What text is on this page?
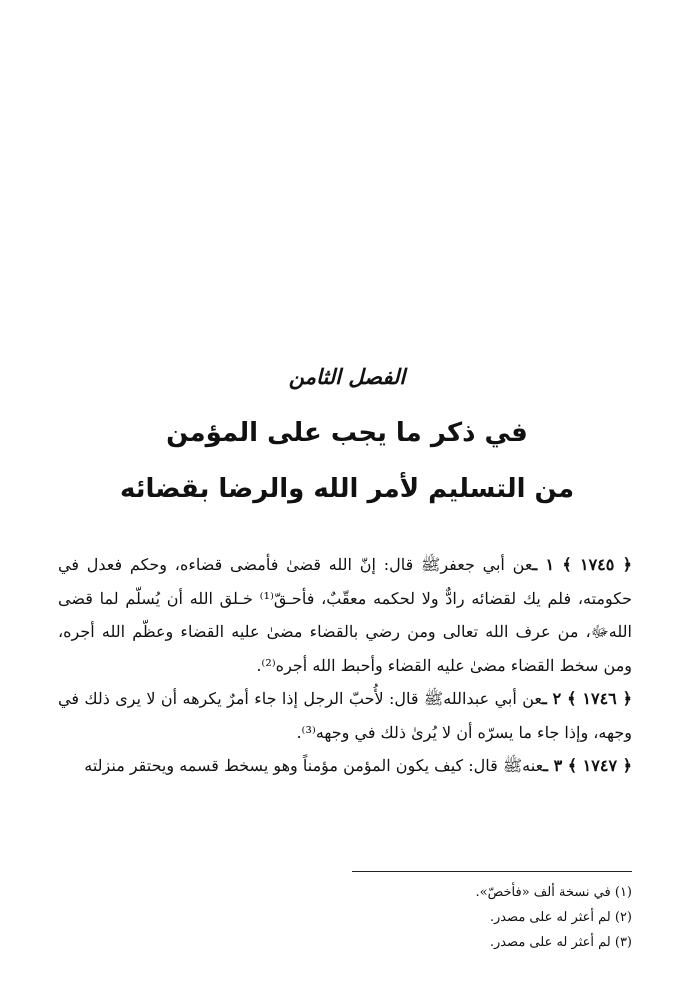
الفصل الثامن
في ذكر ما يجب على المؤمن
من التسليم لأمر الله والرضا بقضائه

﴿ ١٧٤٥ ﴾ ١ ـعن أبي جعفرﷺ قال: إنّ الله قضىٰ فأمضى قضاءه، وحكم فعدل في حكومته، فلم يك لقضائه رادٌّ ولا لحكمه معقّبٌ، فأحـقّ⁽¹⁾ خـلق الله أن يُسلّم لما قضى اللهﷻ، من عرف الله تعالى ومن رضي بالقضاء مضىٰ عليه القضاء وعظّم الله أجره، ومن سخط القضاء مضىٰ عليه القضاء وأحبط الله أجره⁽²⁾.

﴿ ١٧٤٦ ﴾ ٢ ـعن أبي عبداللهﷺ قال: لأُحبّ الرجل إذا جاء أمرٌ يكرهه أن لا يرى ذلك في وجهه، وإذا جاء ما يسرّه أن لا يُرىٰ ذلك في وجهه⁽³⁾.

﴿ ١٧٤٧ ﴾ ٣ ـعنهﷺ قال: كيف يكون المؤمن مؤمناً وهو يسخط قسمه ويحتقر منزلته

(١) في نسخة ألف «فأخصّ».

(٢) لم أعثر له على مصدر.

(٣) لم أعثر له على مصدر.
